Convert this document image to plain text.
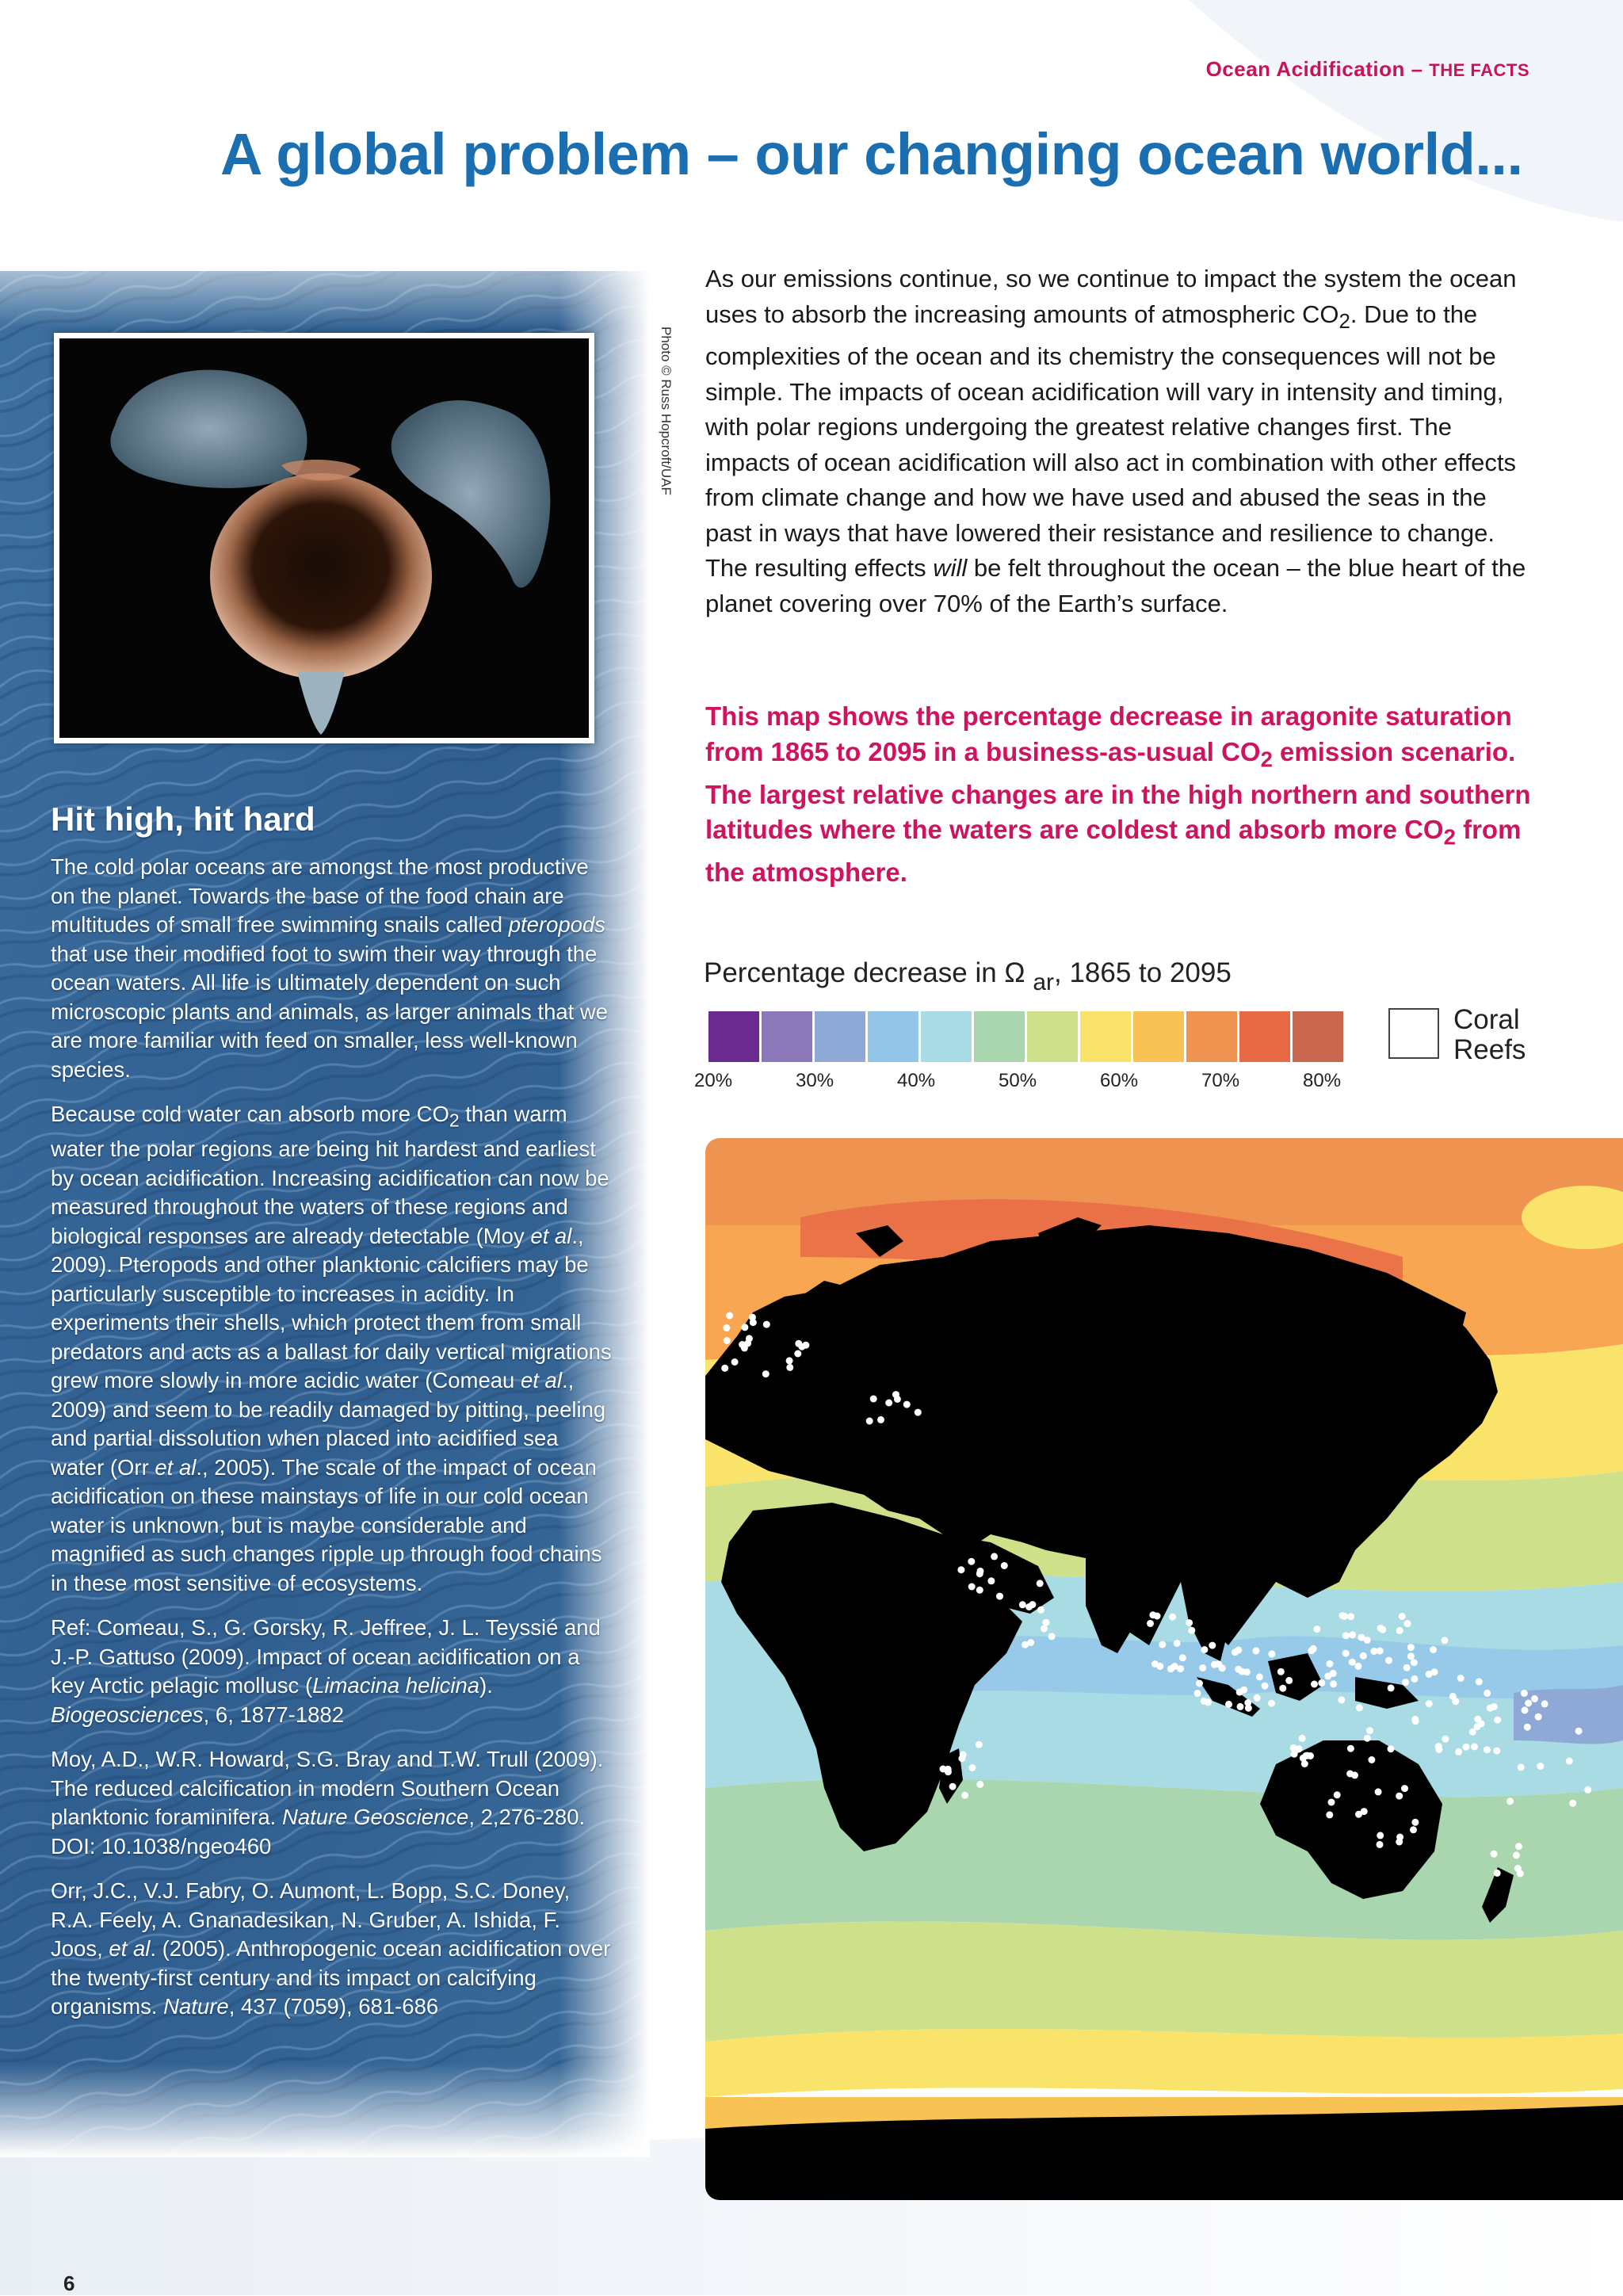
Ocean Acidification – THE FACTS
A global problem – our changing ocean world...
Photo © Russ Hopcroft/UAF
Hit high, hit hard

The cold polar oceans are amongst the most productive on the planet. Towards the base of the food chain are multitudes of small free swimming snails called pteropods that use their modified foot to swim their way through the ocean waters. All life is ultimately dependent on such microscopic plants and animals, as larger animals that we are more familiar with feed on smaller, less well-known species.

Because cold water can absorb more $CO_2$ than warm water the polar regions are being hit hardest and earliest by ocean acidification. Increasing acidification can now be measured throughout the waters of these regions and biological responses are already detectable (Moy et al., 2009). Pteropods and other planktonic calcifiers may be particularly susceptible to increases in acidity. In experiments their shells, which protect them from small predators and acts as a ballast for daily vertical migrations grew more slowly in more acidic water (Comeau et al., 2009) and seem to be readily damaged by pitting, peeling and partial dissolution when placed into acidified sea water (Orr et al., 2005). The scale of the impact of ocean acidification on these mainstays of life in our cold ocean water is unknown, but is maybe considerable and magnified as such changes ripple up through food chains in these most sensitive of ecosystems.

Ref: Comeau, S., G. Gorsky, R. Jeffree, J. L. Teyssié and J.-P. Gattuso (2009). Impact of ocean acidification on a key Arctic pelagic mollusc (Limacina helicina). Biogeosciences, 6, 1877-1882

Moy, A.D., W.R. Howard, S.G. Bray and T.W. Trull (2009). The reduced calcification in modern Southern Ocean planktonic foraminifera. Nature Geoscience, 2,276-280. DOI: 10.1038/ngeo460

Orr, J.C., V.J. Fabry, O. Aumont, L. Bopp, S.C. Doney, R.A. Feely, A. Gnanadesikan, N. Gruber, A. Ishida, F. Joos, et al. (2005). Anthropogenic ocean acidification over the twenty-first century and its impact on calcifying organisms. Nature, 437 (7059), 681-686

As our emissions continue, so we continue to impact the system the ocean uses to absorb the increasing amounts of atmospheric $CO_2$. Due to the complexities of the ocean and its chemistry the consequences will not be simple. The impacts of ocean acidification will vary in intensity and timing, with polar regions undergoing the greatest relative changes first. The impacts of ocean acidification will also act in combination with other effects from climate change and how we have used and abused the seas in the past in ways that have lowered their resistance and resilience to change. The resulting effects will be felt throughout the ocean – the blue heart of the planet covering over 70% of the Earth’s surface.

This map shows the percentage decrease in aragonite saturation from 1865 to 2095 in a business-as-usual $CO_2$ emission scenario. The largest relative changes are in the high northern and southern latitudes where the waters are coldest and absorb more $CO_2$ from the atmosphere.

Percentage decrease in Ω ar, 1865 to 2095
20%	30%	40%	50%	60%	70%	80%
Coral
Reefs
6
